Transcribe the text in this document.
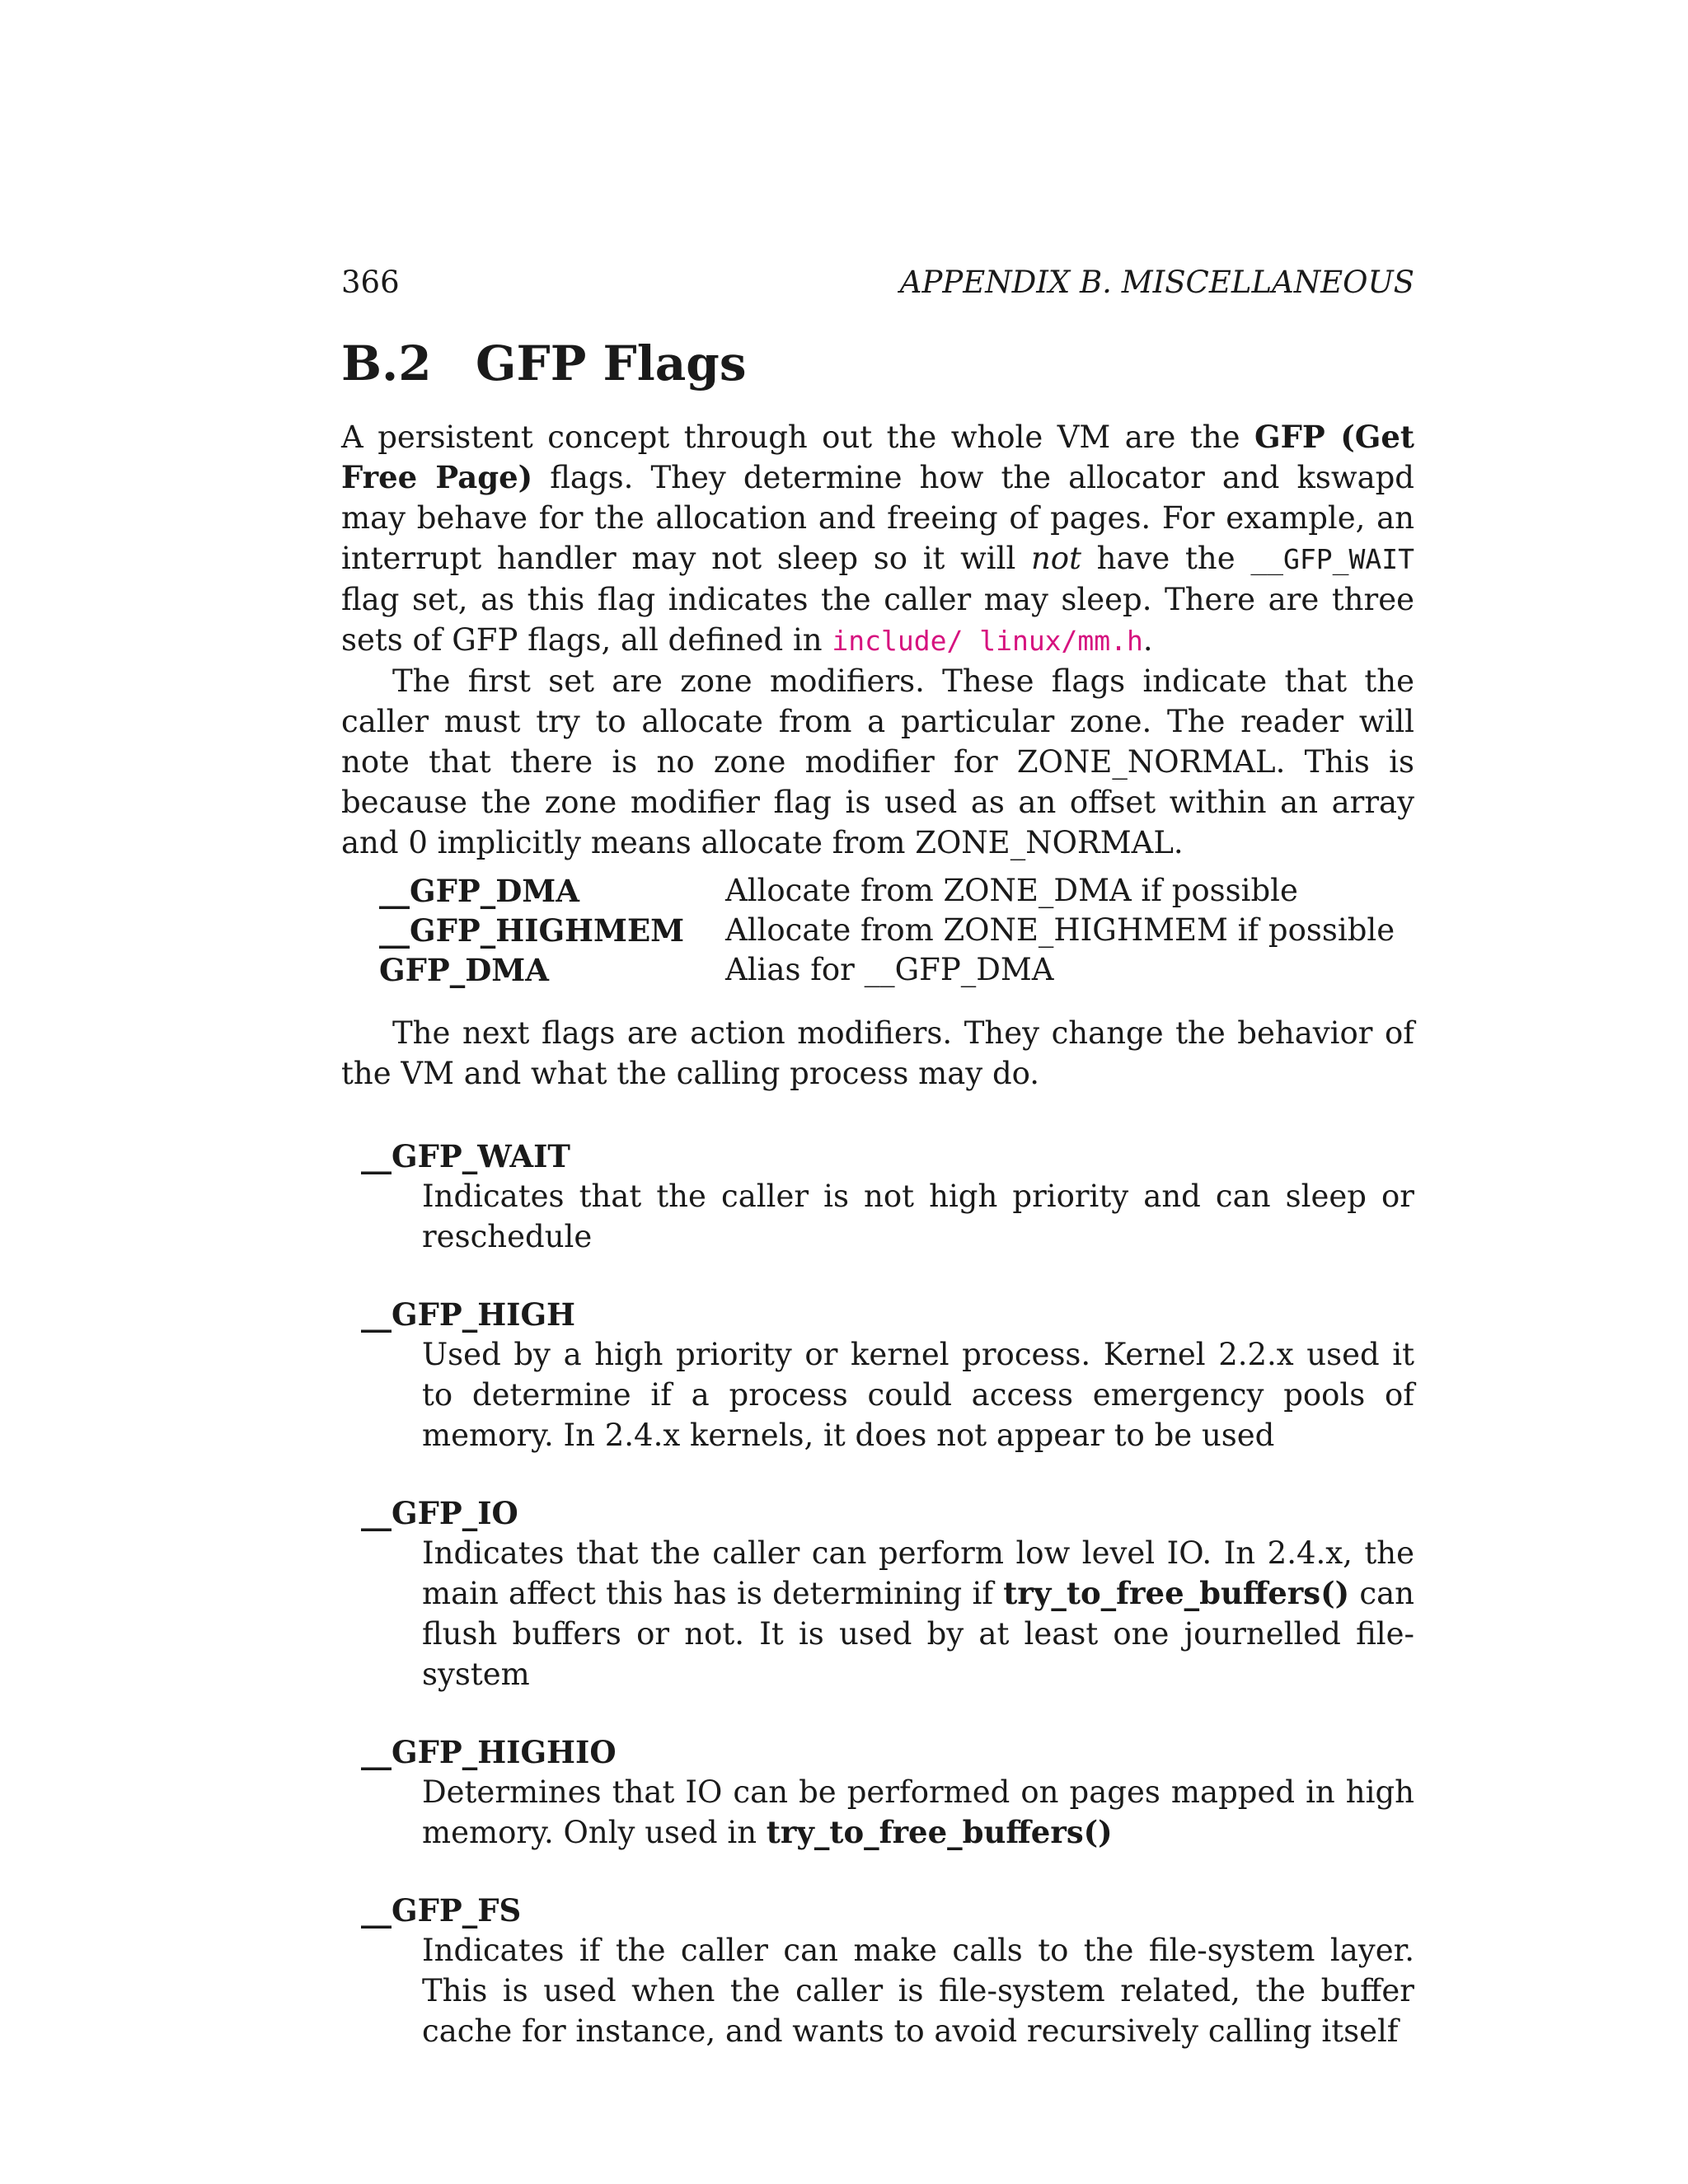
366	APPENDIX B. MISCELLANEOUS
B.2 GFP Flags

A persistent concept through out the whole VM are the GFP (Get Free Page) flags. They determine how the allocator and kswapd may behave for the allocation and freeing of pages. For example, an interrupt handler may not sleep so it will not have the __GFP_WAIT flag set, as this flag indicates the caller may sleep. There are three sets of GFP flags, all defined in include/ linux/mm.h.

The first set are zone modifiers. These flags indicate that the caller must try to allocate from a particular zone. The reader will note that there is no zone modifier for ZONE_NORMAL. This is because the zone modifier flag is used as an offset within an array and 0 implicitly means allocate from ZONE_NORMAL.

__GFP_DMA	Allocate from ZONE_DMA if possible
__GFP_HIGHMEM	Allocate from ZONE_HIGHMEM if possible
GFP_DMA	Alias for __GFP_DMA

The next flags are action modifiers. They change the behavior of the VM and what the calling process may do.

__GFP_WAIT
Indicates that the caller is not high priority and can sleep or reschedule
__GFP_HIGH
Used by a high priority or kernel process. Kernel 2.2.x used it to determine if a process could access emergency pools of memory. In 2.4.x kernels, it does not appear to be used
__GFP_IO
Indicates that the caller can perform low level IO. In 2.4.x, the main affect this has is determining if try_to_free_buffers() can flush buffers or not. It is used by at least one journelled file-system
__GFP_HIGHIO
Determines that IO can be performed on pages mapped in high memory. Only used in try_to_free_buffers()
__GFP_FS
Indicates if the caller can make calls to the file-system layer. This is used when the caller is file-system related, the buffer cache for instance, and wants to avoid recursively calling itself
